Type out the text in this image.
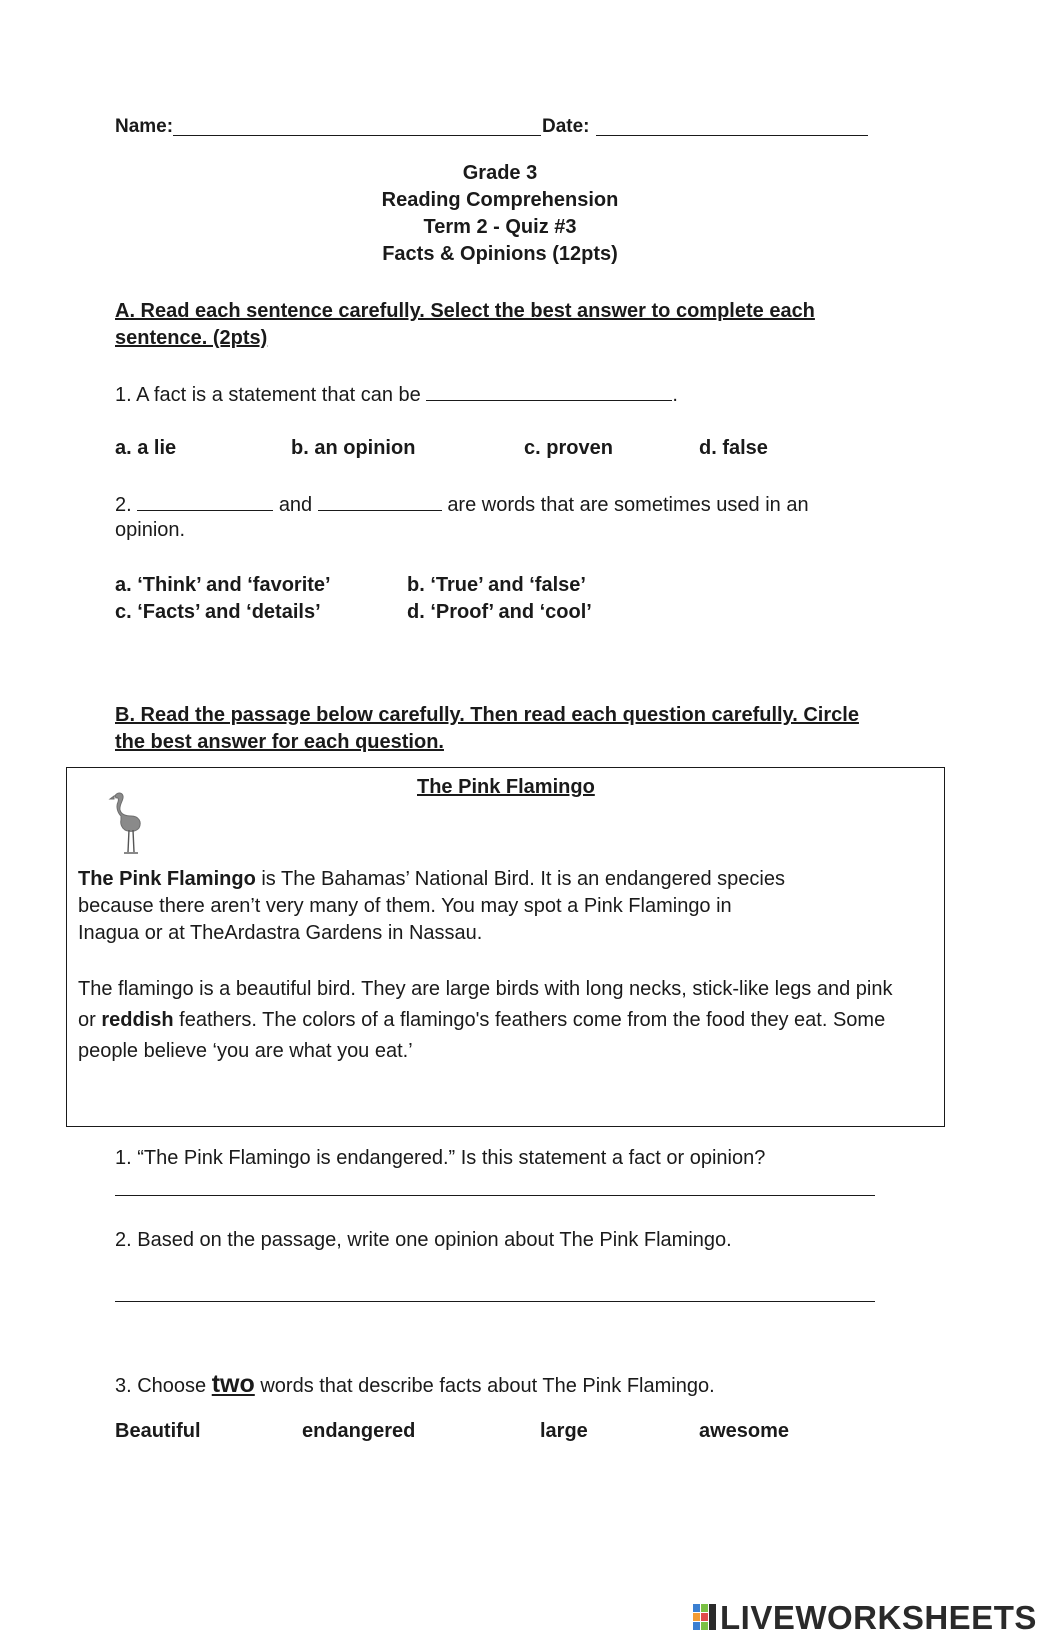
Name:	Date:
Grade 3
Reading Comprehension
Term 2 - Quiz #3
Facts & Opinions (12pts)
A. Read each sentence carefully. Select the best answer to complete each
sentence. (2pts)
1. A fact is a statement that can be	.
a. a lie	b. an opinion	c. proven	d. false
2.	and	are words that are sometimes used in an
opinion.
a. ‘Think’ and ‘favorite’	b. ‘True’ and ‘false’
c. ‘Facts’ and ‘details’	d. ‘Proof’ and ‘cool’
B. Read the passage below carefully. Then read each question carefully. Circle
the best answer for each question.
The Pink Flamingo
The Pink Flamingo is The Bahamas’ National Bird. It is an endangered species
because there aren’t very many of them. You may spot a Pink Flamingo in
Inagua or at TheArdastra Gardens in Nassau.
The flamingo is a beautiful bird. They are large birds with long necks, stick-like legs and pink
or reddish feathers. The colors of a flamingo's feathers come from the food they eat. Some
people believe ‘you are what you eat.’
1. “The Pink Flamingo is endangered.” Is this statement a fact or opinion?
2. Based on the passage, write one opinion about The Pink Flamingo.
3. Choose two words that describe facts about The Pink Flamingo.
Beautiful	endangered	large	awesome
LIVEWORKSHEETS
